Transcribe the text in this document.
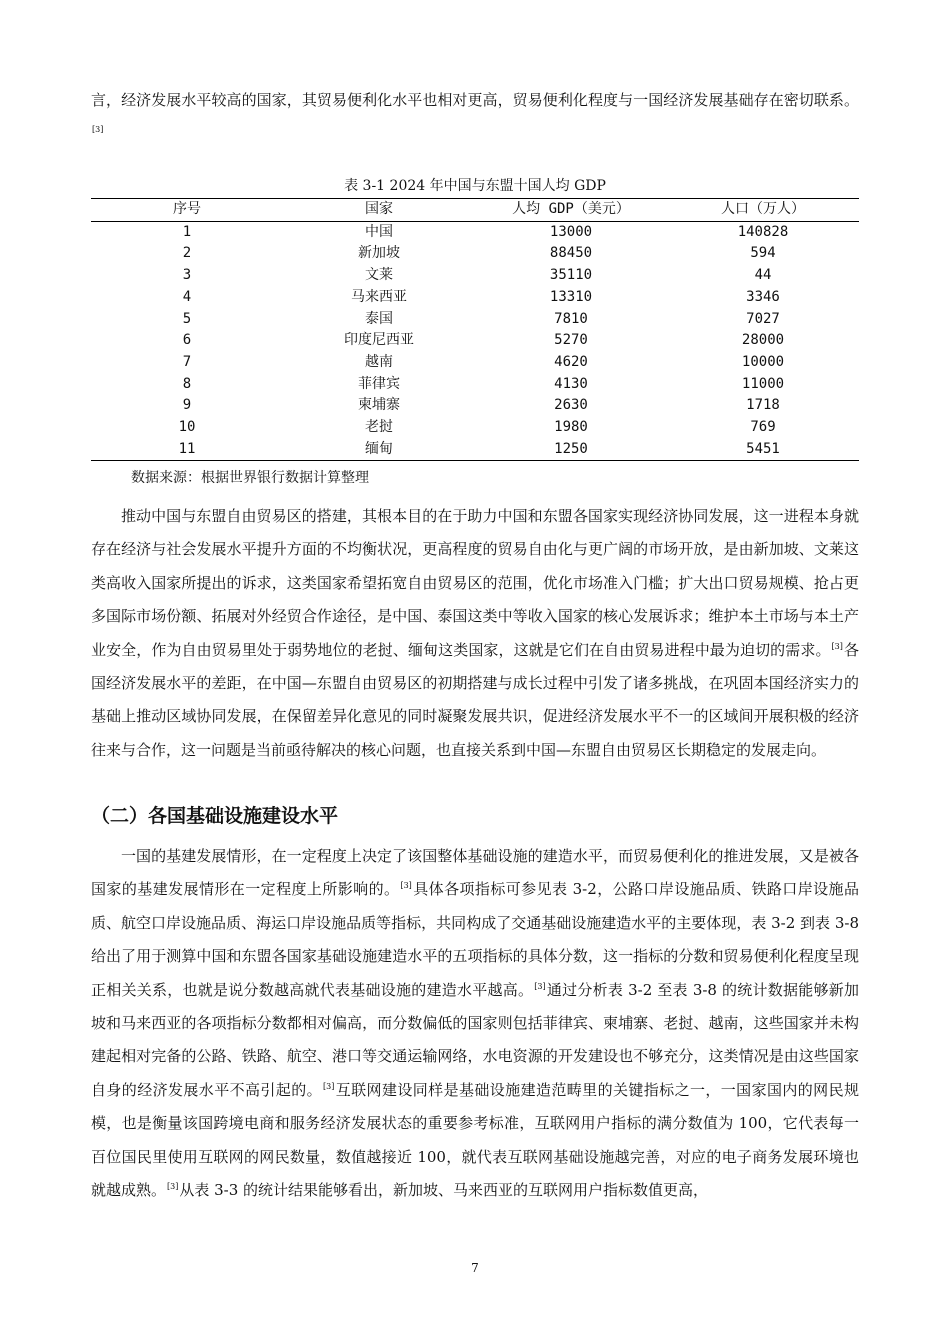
言，经济发展水平较高的国家，其贸易便利化水平也相对更高，贸易便利化程度与一国经济发展基础存在密切联系。[3]

表 3-1 2024 年中国与东盟十国人均 GDP

序号	国家	人均 GDP（美元）	人口（万人）
1	中国	13000	140828
2	新加坡	88450	594
3	文莱	35110	44
4	马来西亚	13310	3346
5	泰国	7810	7027
6	印度尼西亚	5270	28000
7	越南	4620	10000
8	菲律宾	4130	11000
9	柬埔寨	2630	1718
10	老挝	1980	769
11	缅甸	1250	5451

数据来源：根据世界银行数据计算整理

推动中国与东盟自由贸易区的搭建，其根本目的在于助力中国和东盟各国家实现经济协同发展，这一进程本身就存在经济与社会发展水平提升方面的不均衡状况，更高程度的贸易自由化与更广阔的市场开放，是由新加坡、文莱这类高收入国家所提出的诉求，这类国家希望拓宽自由贸易区的范围，优化市场准入门槛；扩大出口贸易规模、抢占更多国际市场份额、拓展对外经贸合作途径，是中国、泰国这类中等收入国家的核心发展诉求；维护本土市场与本土产业安全，作为自由贸易里处于弱势地位的老挝、缅甸这类国家，这就是它们在自由贸易进程中最为迫切的需求。[3]各国经济发展水平的差距，在中国—东盟自由贸易区的初期搭建与成长过程中引发了诸多挑战，在巩固本国经济实力的基础上推动区域协同发展，在保留差异化意见的同时凝聚发展共识，促进经济发展水平不一的区域间开展积极的经济往来与合作，这一问题是当前亟待解决的核心问题，也直接关系到中国—东盟自由贸易区长期稳定的发展走向。

（二）各国基础设施建设水平

一国的基建发展情形，在一定程度上决定了该国整体基础设施的建造水平，而贸易便利化的推进发展，又是被各国家的基建发展情形在一定程度上所影响的。[3]具体各项指标可参见表 3-2，公路口岸设施品质、铁路口岸设施品质、航空口岸设施品质、海运口岸设施品质等指标，共同构成了交通基础设施建造水平的主要体现，表 3-2 到表 3-8 给出了用于测算中国和东盟各国家基础设施建造水平的五项指标的具体分数，这一指标的分数和贸易便利化程度呈现正相关关系，也就是说分数越高就代表基础设施的建造水平越高。[3]通过分析表 3-2 至表 3-8 的统计数据能够新加坡和马来西亚的各项指标分数都相对偏高，而分数偏低的国家则包括菲律宾、柬埔寨、老挝、越南，这些国家并未构建起相对完备的公路、铁路、航空、港口等交通运输网络，水电资源的开发建设也不够充分，这类情况是由这些国家自身的经济发展水平不高引起的。[3]互联网建设同样是基础设施建造范畴里的关键指标之一，一国家国内的网民规模，也是衡量该国跨境电商和服务经济发展状态的重要参考标准，互联网用户指标的满分数值为 100，它代表每一百位国民里使用互联网的网民数量，数值越接近 100，就代表互联网基础设施越完善，对应的电子商务发展环境也就越成熟。[3]从表 3-3 的统计结果能够看出，新加坡、马来西亚的互联网用户指标数值更高，

7
